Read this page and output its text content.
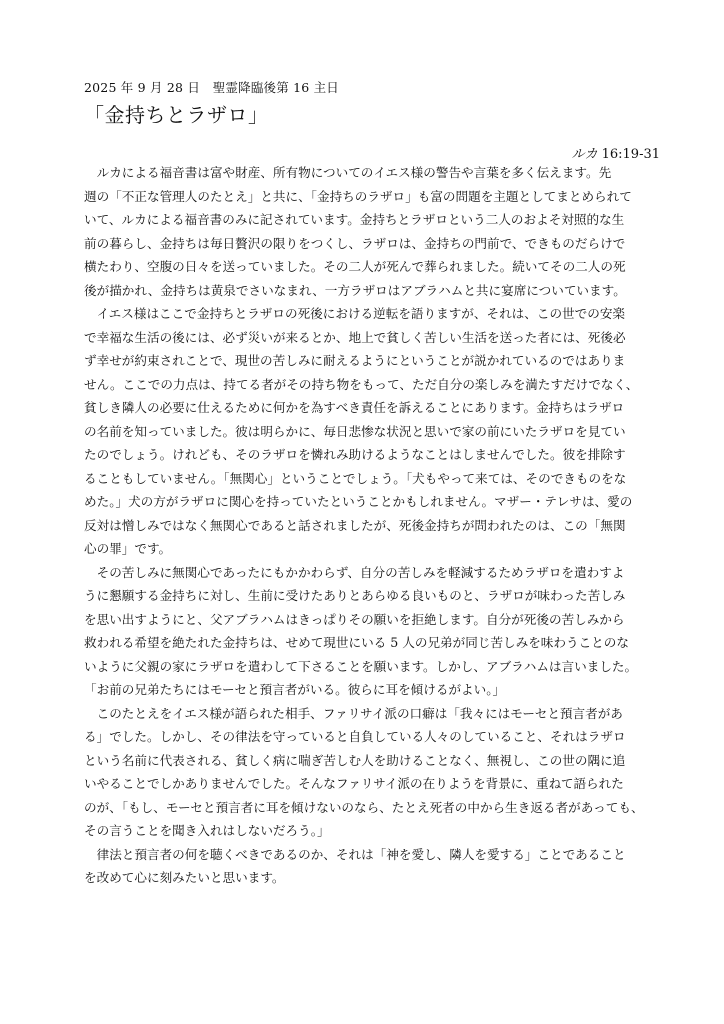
2025 年 9 月 28 日　聖霊降臨後第 16 主日
「金持ちとラザロ」
ルカ 16:19-31

ルカによる福音書は富や財産、所有物についてのイエス様の警告や言葉を多く伝えます。先
週の「不正な管理人のたとえ」と共に、「金持ちのラザロ」も富の問題を主題としてまとめられて
いて、ルカによる福音書のみに記されています。金持ちとラザロという二人のおよそ対照的な生
前の暮らし、金持ちは毎日贅沢の限りをつくし、ラザロは、金持ちの門前で、できものだらけで
横たわり、空腹の日々を送っていました。その二人が死んで葬られました。続いてその二人の死
後が描かれ、金持ちは黄泉でさいなまれ、一方ラザロはアブラハムと共に宴席についています。

イエス様はここで金持ちとラザロの死後における逆転を語りますが、それは、この世での安楽
で幸福な生活の後には、必ず災いが来るとか、地上で貧しく苦しい生活を送った者には、死後必
ず幸せが約束されことで、現世の苦しみに耐えるようにということが説かれているのではありま
せん。ここでの力点は、持てる者がその持ち物をもって、ただ自分の楽しみを満たすだけでなく、
貧しき隣人の必要に仕えるために何かを為すべき責任を訴えることにあります。金持ちはラザロ
の名前を知っていました。彼は明らかに、毎日悲惨な状況と思いで家の前にいたラザロを見てい
たのでしょう。けれども、そのラザロを憐れみ助けるようなことはしませんでした。彼を排除す
ることもしていません。「無関心」ということでしょう。「犬もやって来ては、そのできものをな
めた。」犬の方がラザロに関心を持っていたということかもしれません。マザー・テレサは、愛の
反対は憎しみではなく無関心であると話されましたが、死後金持ちが問われたのは、この「無関
心の罪」です。

その苦しみに無関心であったにもかかわらず、自分の苦しみを軽減するためラザロを遣わすよ
うに懇願する金持ちに対し、生前に受けたありとあらゆる良いものと、ラザロが味わった苦しみ
を思い出すようにと、父アブラハムはきっぱりその願いを拒絶します。自分が死後の苦しみから
救われる希望を絶たれた金持ちは、せめて現世にいる 5 人の兄弟が同じ苦しみを味わうことのな
いように父親の家にラザロを遣わして下さることを願います。しかし、アブラハムは言いました。
「お前の兄弟たちにはモーセと預言者がいる。彼らに耳を傾けるがよい。」

このたとえをイエス様が語られた相手、ファリサイ派の口癖は「我々にはモーセと預言者があ
る」でした。しかし、その律法を守っていると自負している人々のしていること、それはラザロ
という名前に代表される、貧しく病に喘ぎ苦しむ人を助けることなく、無視し、この世の隅に追
いやることでしかありませんでした。そんなファリサイ派の在りようを背景に、重ねて語られた
のが、「もし、モーセと預言者に耳を傾けないのなら、たとえ死者の中から生き返る者があっても、
その言うことを聞き入れはしないだろう。」

律法と預言者の何を聴くべきであるのか、それは「神を愛し、隣人を愛する」ことであること
を改めて心に刻みたいと思います。
